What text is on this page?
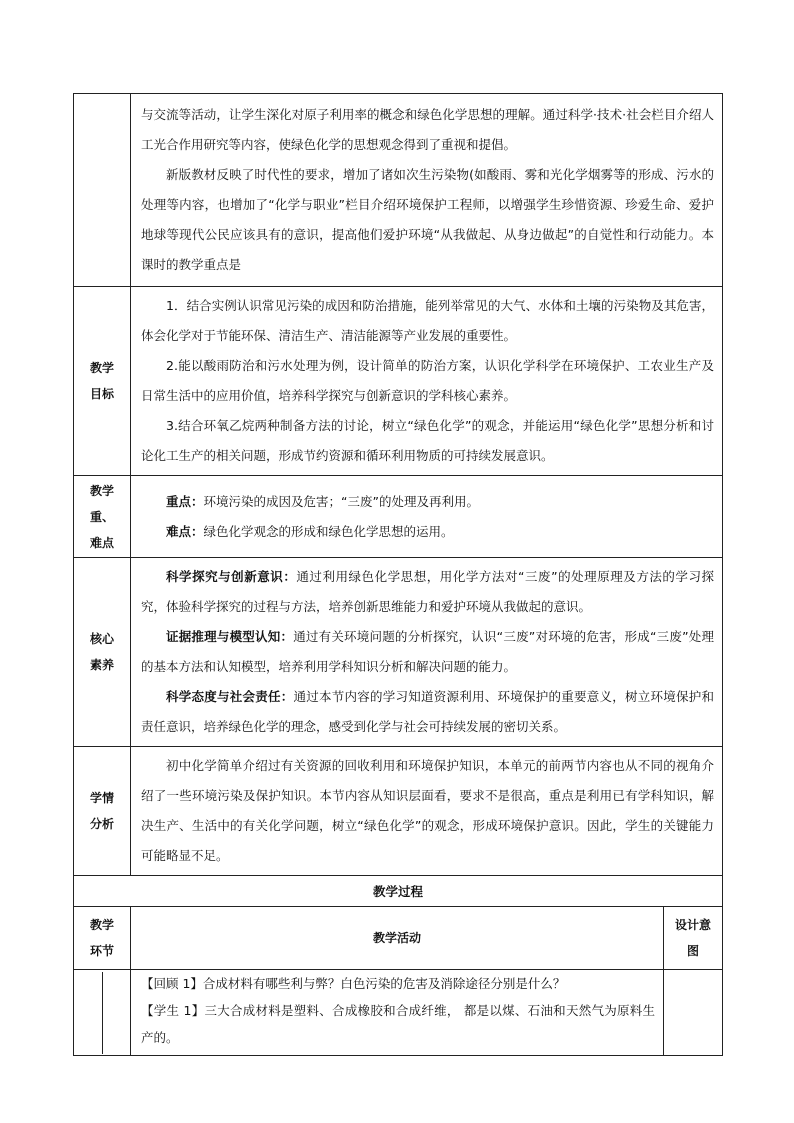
	与交流等活动，让学生深化对原子利用率的概念和绿色化学思想的理解。通过科学·技术·社会栏目介绍人工光合作用研究等内容，使绿色化学的思想观念得到了重视和提倡。

新版教材反映了时代性的要求，增加了诸如次生污染物(如酸雨、雾和光化学烟雾等的形成、污水的处理等内容，也增加了“化学与职业”栏目介绍环境保护工程师，以增强学生珍惜资源、珍爱生命、爱护地球等现代公民应该具有的意识，提高他们爱护环境“从我做起、从身边做起”的自觉性和行动能力。本课时的教学重点是	

教学目标	1．结合实例认识常见污染的成因和防治措施，能列举常见的大气、水体和土壤的污染物及其危害，体会化学对于节能环保、清洁生产、清洁能源等产业发展的重要性。

2.能以酸雨防治和污水处理为例，设计简单的防治方案，认识化学科学在环境保护、工农业生产及日常生活中的应用价值，培养科学探究与创新意识的学科核心素养。

3.结合环氧乙烷两种制备方法的讨论，树立“绿色化学”的观念，并能运用“绿色化学”思想分析和讨论化工生产的相关问题，形成节约资源和循环利用物质的可持续发展意识。	

教学重、难点	重点：环境污染的成因及危害；“三废”的处理及再利用。

难点：绿色化学观念的形成和绿色化学思想的运用。	

核心素养	科学探究与创新意识：通过利用绿色化学思想，用化学方法对“三废”的处理原理及方法的学习探究，体验科学探究的过程与方法，培养创新思维能力和爱护环境从我做起的意识。

证据推理与模型认知：通过有关环境问题的分析探究，认识“三废”对环境的危害，形成“三废”处理的基本方法和认知模型，培养利用学科知识分析和解决问题的能力。

科学态度与社会责任：通过本节内容的学习知道资源利用、环境保护的重要意义，树立环境保护和责任意识，培养绿色化学的理念，感受到化学与社会可持续发展的密切关系。	

学情分析	初中化学简单介绍过有关资源的回收利用和环境保护知识，本单元的前两节内容也从不同的视角介绍了一些环境污染及保护知识。本节内容从知识层面看，要求不是很高，重点是利用已有学科知识，解决生产、生活中的有关化学问题，树立“绿色化学”的观念，形成环境保护意识。因此，学生的关键能力可能略显不足。	

教学过程		

教学环节	教学活动	设计意图

	【回顾 1】合成材料有哪些利与弊？白色污染的危害及消除途径分别是什么？

【学生 1】三大合成材料是塑料、合成橡胶和合成纤维， 都是以煤、石油和天然气为原料生产的。	
